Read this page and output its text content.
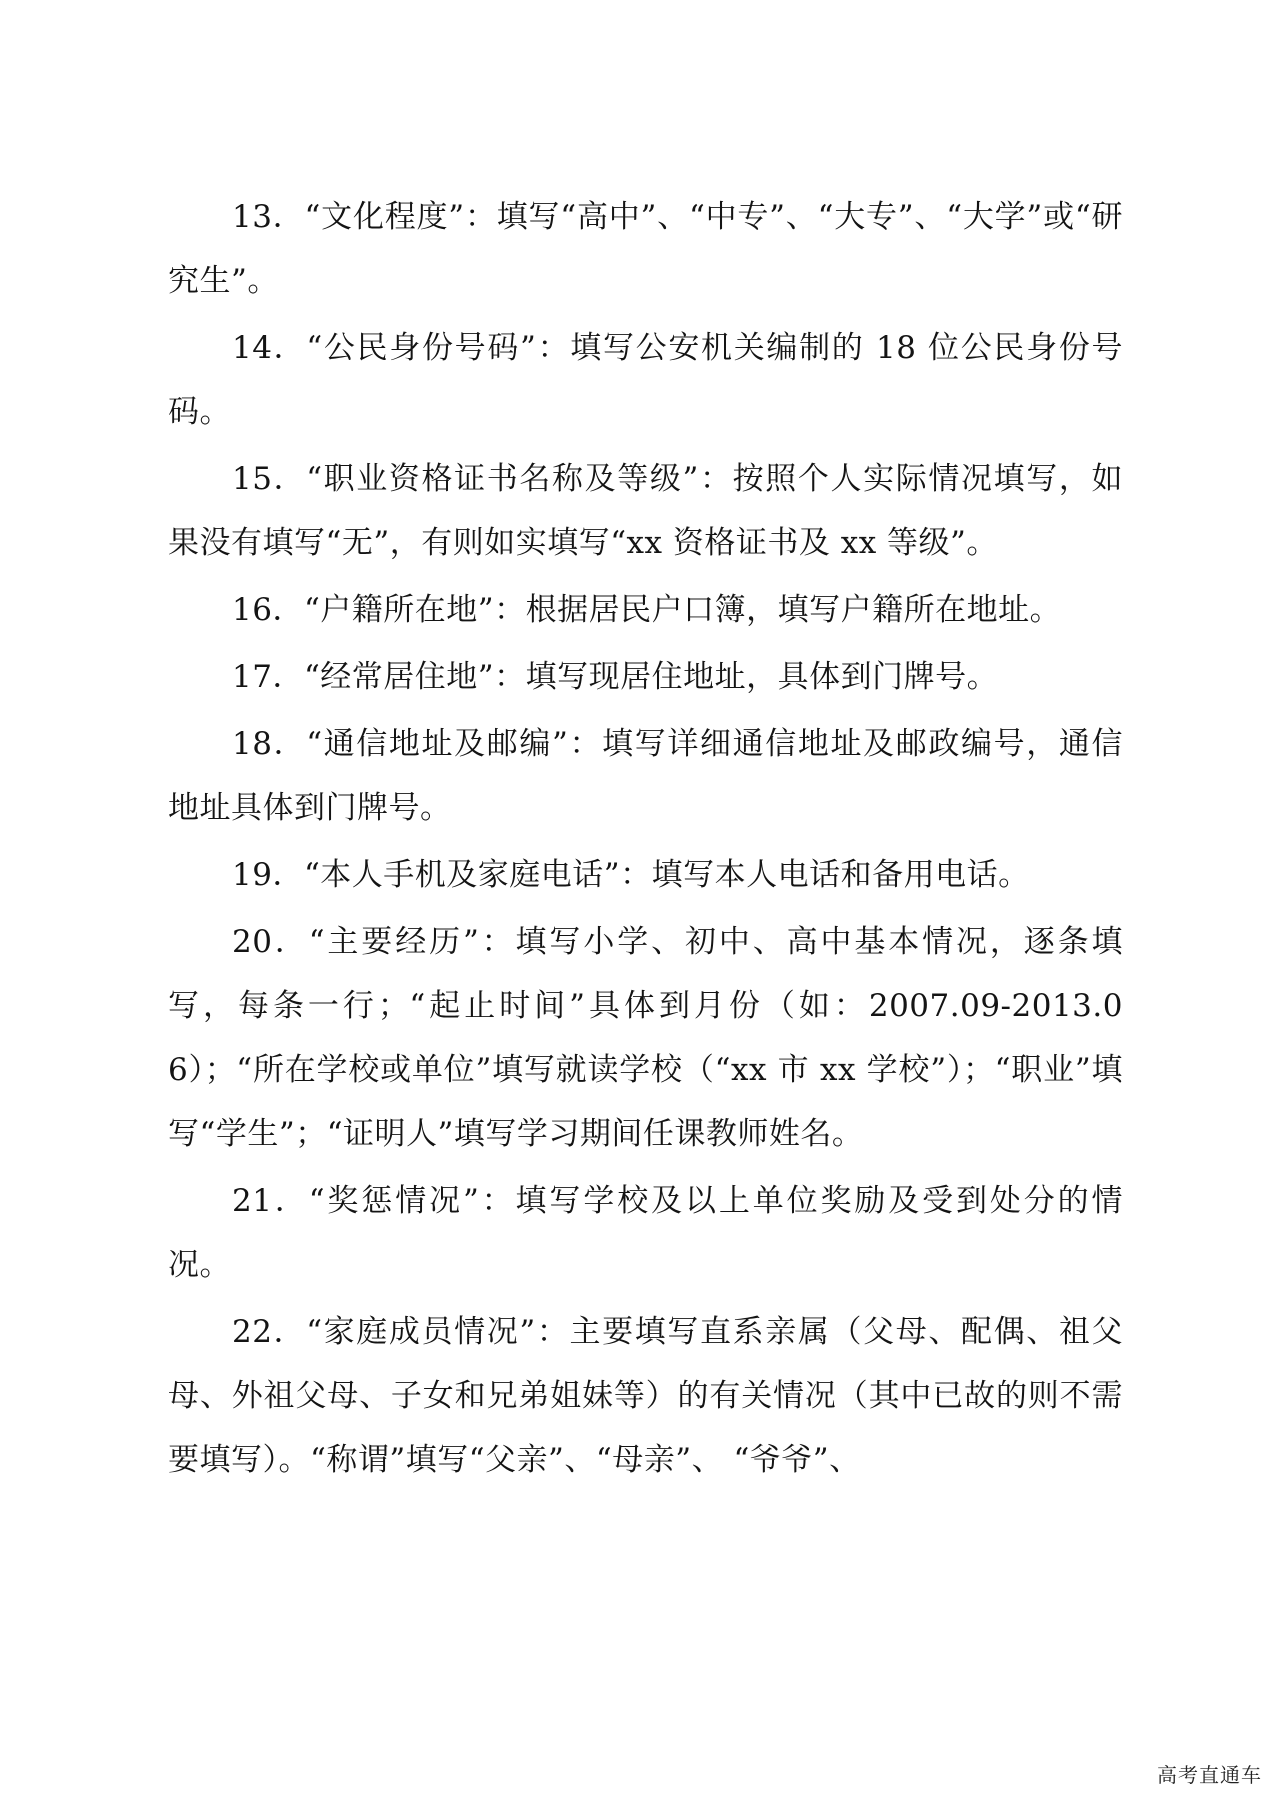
13．“文化程度”：填写“高中”、“中专”、“大专”、“大学”或“研究生”。

14．“公民身份号码”：填写公安机关编制的 18 位公民身份号码。

15．“职业资格证书名称及等级”：按照个人实际情况填写，如果没有填写“无”，有则如实填写“xx 资格证书及 xx 等级”。

16．“户籍所在地”：根据居民户口簿，填写户籍所在地址。

17．“经常居住地”：填写现居住地址，具体到门牌号。

18．“通信地址及邮编”：填写详细通信地址及邮政编号，通信地址具体到门牌号。

19．“本人手机及家庭电话”：填写本人电话和备用电话。

20．“主要经历”：填写小学、初中、高中基本情况，逐条填写，每条一行；“起止时间”具体到月份（如：2007.09-2013.06）；“所在学校或单位”填写就读学校（“xx 市 xx 学校”）；“职业”填写“学生”；“证明人”填写学习期间任课教师姓名。

21．“奖惩情况”：填写学校及以上单位奖励及受到处分的情况。

22．“家庭成员情况”：主要填写直系亲属（父母、配偶、祖父母、外祖父母、子女和兄弟姐妹等）的有关情况（其中已故的则不需要填写）。“称谓”填写“父亲”、“母亲”、 “爷爷”、

高考直通车
